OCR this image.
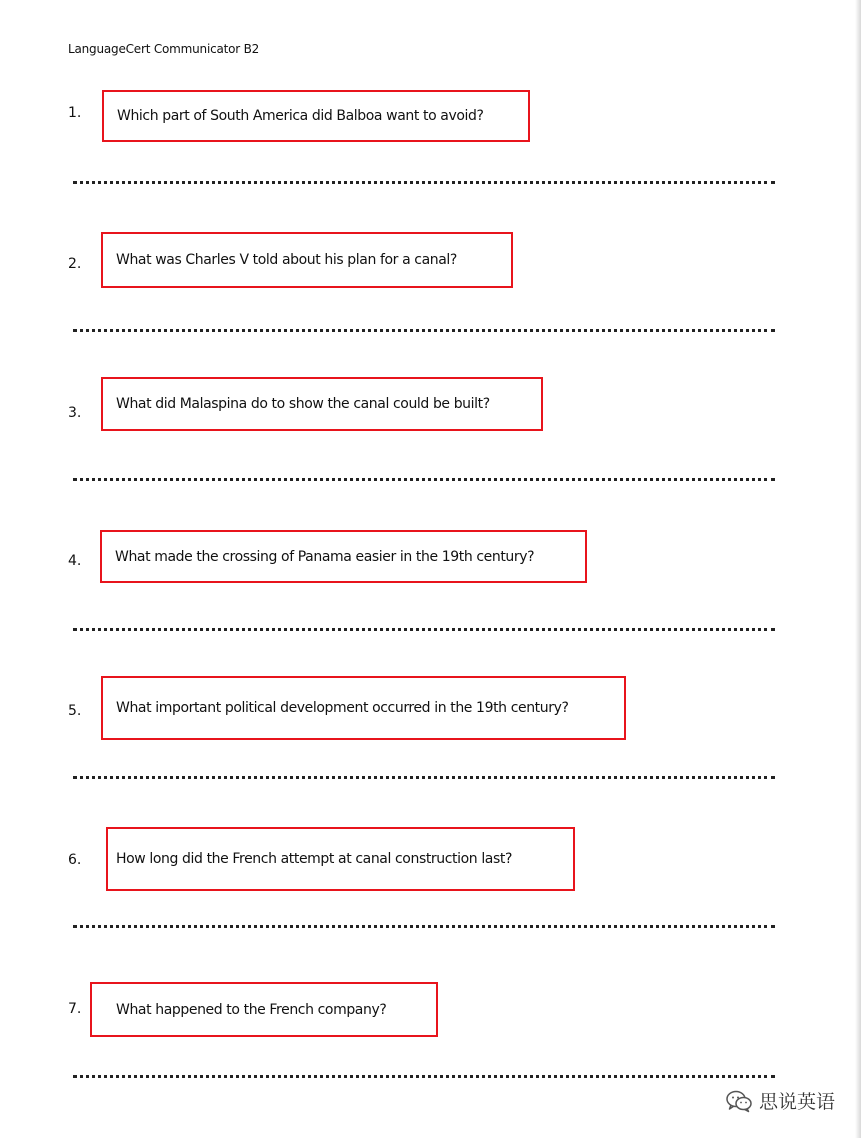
LanguageCert Communicator B2
1.	Which part of South America did Balboa want to avoid?
2. What was Charles V told about his plan for a canal?
3.
What did Malaspina do to show the canal could be built?
4. What made the crossing of Panama easier in the 19th century?
5. What important political development occurred in the 19th century?
6. How long did the French attempt at canal construction last?
7. What happened to the French company?
思说英语
